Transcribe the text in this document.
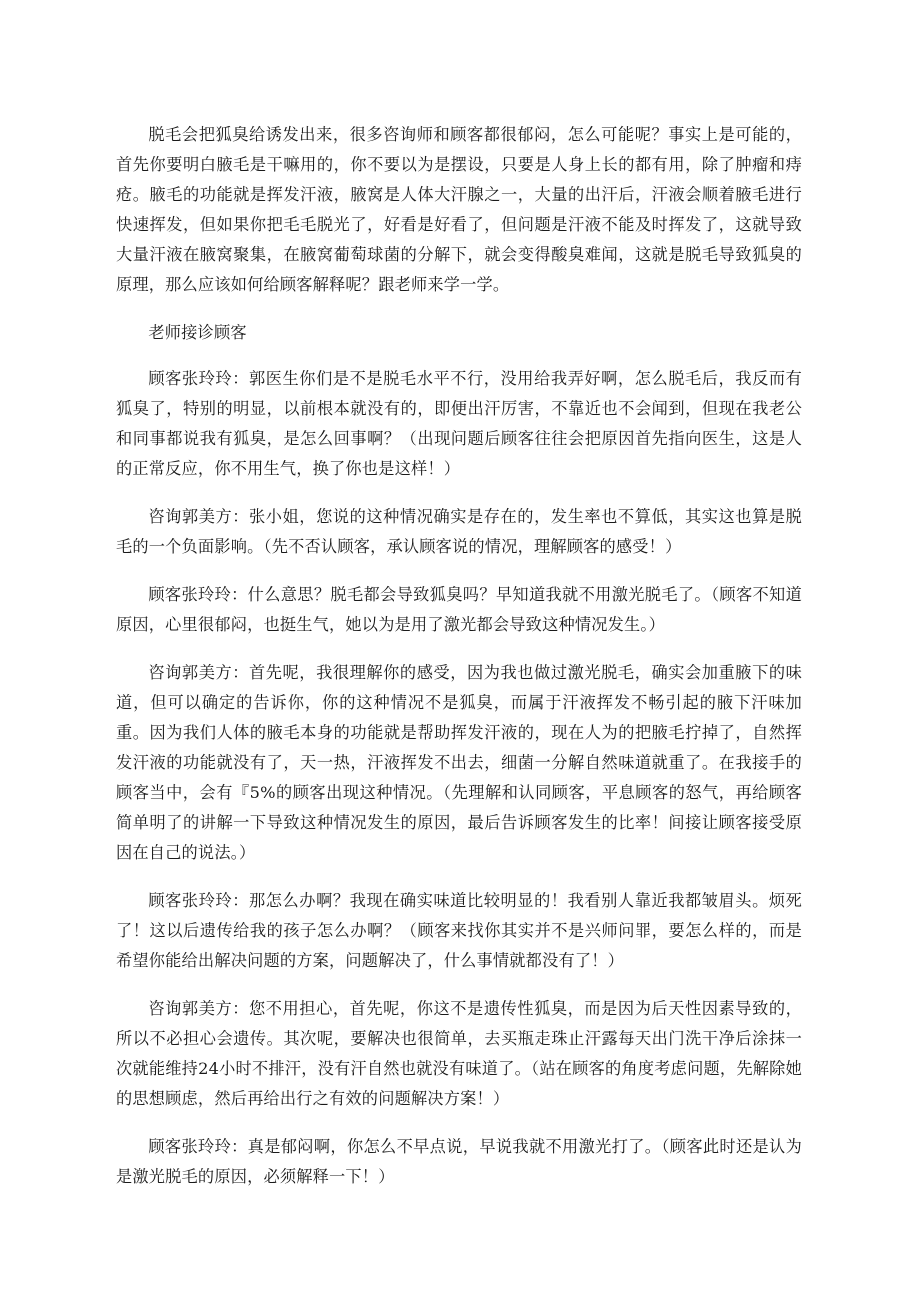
脱毛会把狐臭给诱发出来，很多咨询师和顾客都很郁闷，怎么可能呢？事实上是可能的，首先你要明白腋毛是干嘛用的，你不要以为是摆设，只要是人身上长的都有用，除了肿瘤和痔疮。腋毛的功能就是挥发汗液，腋窝是人体大汗腺之一，大量的出汗后，汗液会顺着腋毛进行快速挥发，但如果你把毛毛脱光了，好看是好看了，但问题是汗液不能及时挥发了，这就导致大量汗液在腋窝聚集，在腋窝葡萄球菌的分解下，就会变得酸臭难闻，这就是脱毛导致狐臭的原理，那么应该如何给顾客解释呢？跟老师来学一学。

老师接诊顾客

顾客张玲玲：郭医生你们是不是脱毛水平不行，没用给我弄好啊，怎么脱毛后，我反而有狐臭了，特别的明显，以前根本就没有的，即便出汗厉害，不靠近也不会闻到，但现在我老公和同事都说我有狐臭，是怎么回事啊？（出现问题后顾客往往会把原因首先指向医生，这是人的正常反应，你不用生气，换了你也是这样！）

咨询郭美方：张小姐，您说的这种情况确实是存在的，发生率也不算低，其实这也算是脱毛的一个负面影响。（先不否认顾客，承认顾客说的情况，理解顾客的感受！）

顾客张玲玲：什么意思？脱毛都会导致狐臭吗？早知道我就不用激光脱毛了。（顾客不知道原因，心里很郁闷，也挺生气，她以为是用了激光都会导致这种情况发生。）

咨询郭美方：首先呢，我很理解你的感受，因为我也做过激光脱毛，确实会加重腋下的味道，但可以确定的告诉你，你的这种情况不是狐臭，而属于汗液挥发不畅引起的腋下汗味加重。因为我们人体的腋毛本身的功能就是帮助挥发汗液的，现在人为的把腋毛拧掉了，自然挥发汗液的功能就没有了，天一热，汗液挥发不出去，细菌一分解自然味道就重了。在我接手的顾客当中，会有『5%的顾客出现这种情况。（先理解和认同顾客，平息顾客的怒气，再给顾客简单明了的讲解一下导致这种情况发生的原因，最后告诉顾客发生的比率！间接让顾客接受原因在自己的说法。）

顾客张玲玲：那怎么办啊？我现在确实味道比较明显的！我看别人靠近我都皱眉头。烦死了！这以后遗传给我的孩子怎么办啊？（顾客来找你其实并不是兴师问罪，要怎么样的，而是希望你能给出解决问题的方案，问题解决了，什么事情就都没有了！）

咨询郭美方：您不用担心，首先呢，你这不是遗传性狐臭，而是因为后天性因素导致的，所以不必担心会遗传。其次呢，要解决也很简单，去买瓶走珠止汗露每天出门洗干净后涂抹一次就能维持24小时不排汗，没有汗自然也就没有味道了。（站在顾客的角度考虑问题，先解除她的思想顾虑，然后再给出行之有效的问题解决方案！）

顾客张玲玲：真是郁闷啊，你怎么不早点说，早说我就不用激光打了。（顾客此时还是认为是激光脱毛的原因，必须解释一下！）
